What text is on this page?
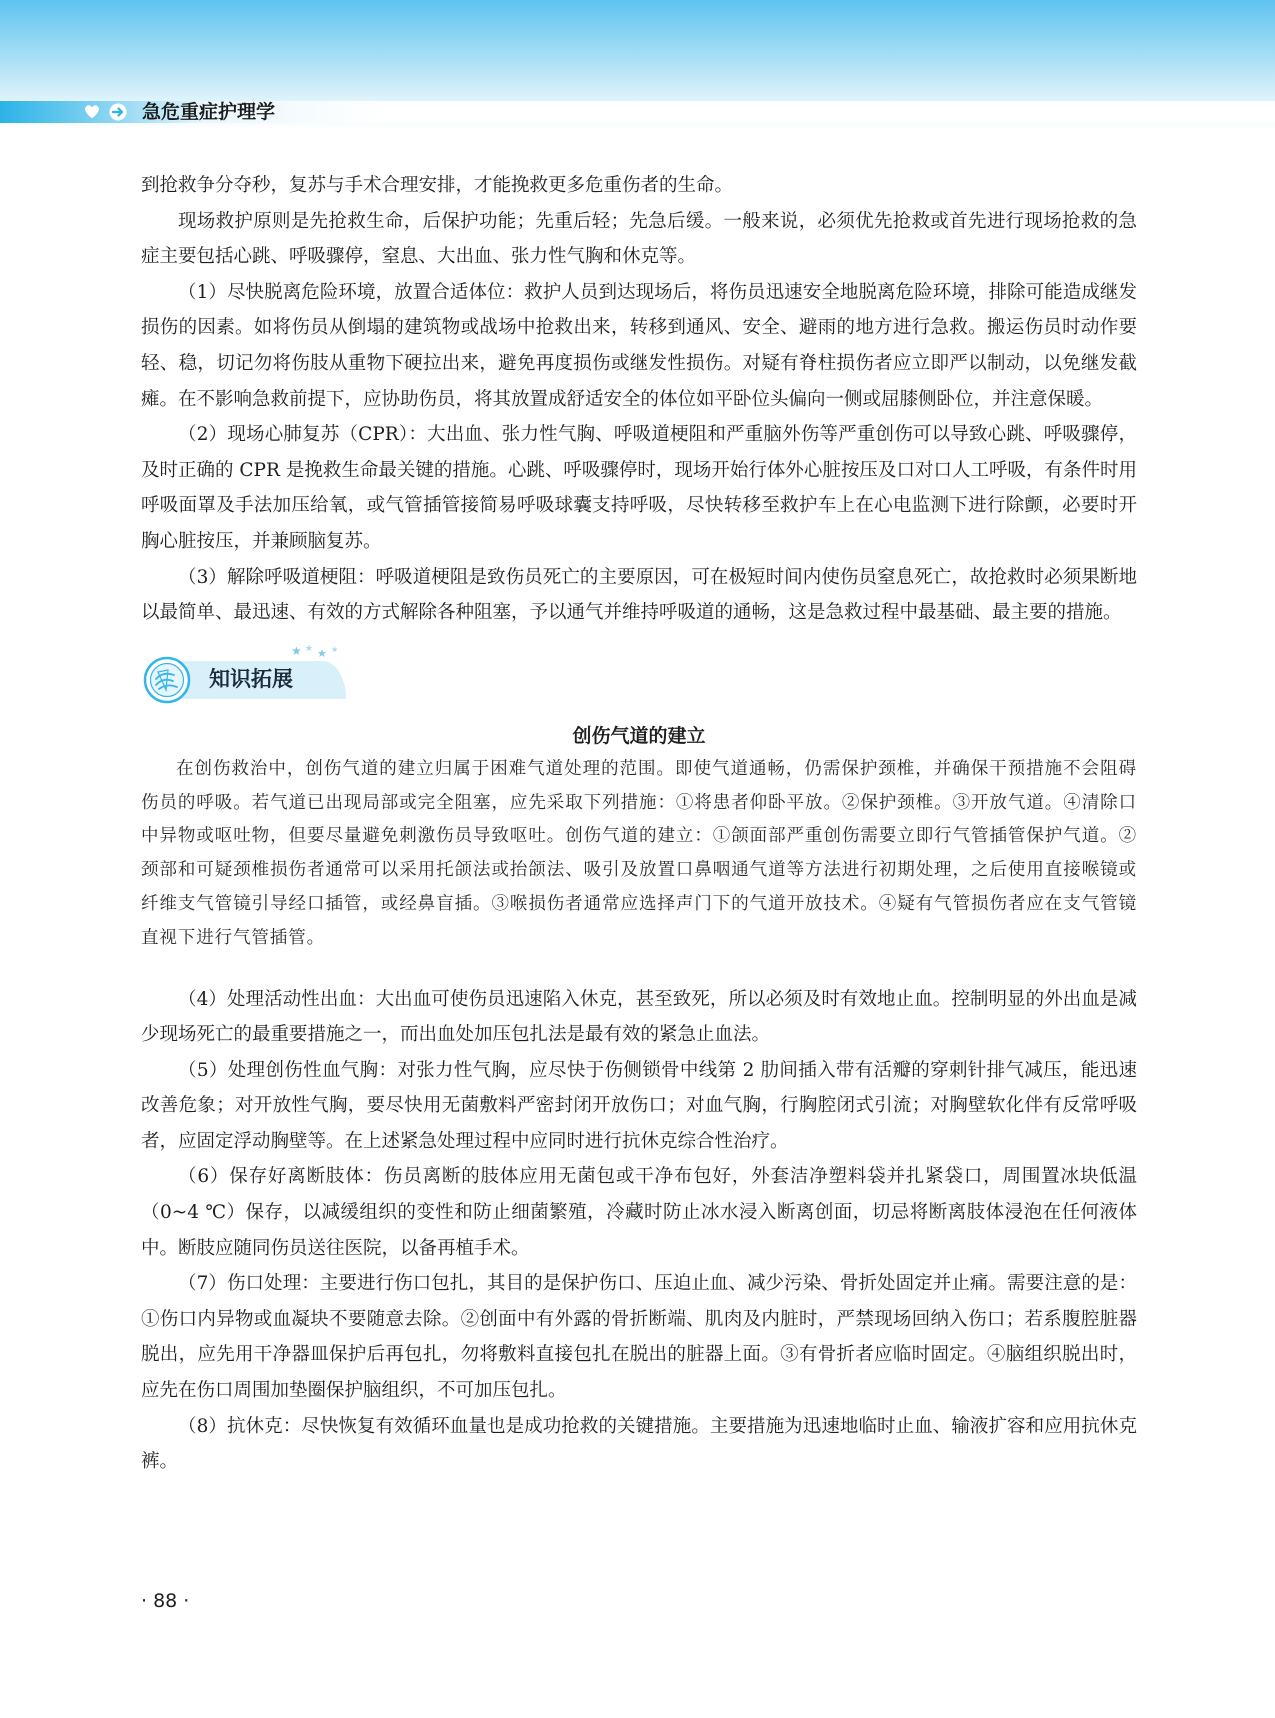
急危重症护理学

到抢救争分夺秒，复苏与手术合理安排，才能挽救更多危重伤者的生命。

现场救护原则是先抢救生命，后保护功能；先重后轻；先急后缓。一般来说，必须优先抢救或首先进行现场抢救的急症主要包括心跳、呼吸骤停，窒息、大出血、张力性气胸和休克等。

（1）尽快脱离危险环境，放置合适体位：救护人员到达现场后，将伤员迅速安全地脱离危险环境，排除可能造成继发损伤的因素。如将伤员从倒塌的建筑物或战场中抢救出来，转移到通风、安全、避雨的地方进行急救。搬运伤员时动作要轻、稳，切记勿将伤肢从重物下硬拉出来，避免再度损伤或继发性损伤。对疑有脊柱损伤者应立即严以制动，以免继发截瘫。在不影响急救前提下，应协助伤员，将其放置成舒适安全的体位如平卧位头偏向一侧或屈膝侧卧位，并注意保暖。

（2）现场心肺复苏（CPR）：大出血、张力性气胸、呼吸道梗阻和严重脑外伤等严重创伤可以导致心跳、呼吸骤停，及时正确的 CPR 是挽救生命最关键的措施。心跳、呼吸骤停时，现场开始行体外心脏按压及口对口人工呼吸，有条件时用呼吸面罩及手法加压给氧，或气管插管接简易呼吸球囊支持呼吸，尽快转移至救护车上在心电监测下进行除颤，必要时开胸心脏按压，并兼顾脑复苏。

（3）解除呼吸道梗阻：呼吸道梗阻是致伤员死亡的主要原因，可在极短时间内使伤员窒息死亡，故抢救时必须果断地以最简单、最迅速、有效的方式解除各种阻塞，予以通气并维持呼吸道的通畅，这是急救过程中最基础、最主要的措施。

★ ★ ★ ★
知识拓展
创伤气道的建立

在创伤救治中，创伤气道的建立归属于困难气道处理的范围。即使气道通畅，仍需保护颈椎，并确保干预措施不会阻碍伤员的呼吸。若气道已出现局部或完全阻塞，应先采取下列措施：①将患者仰卧平放。②保护颈椎。③开放气道。④清除口中异物或呕吐物，但要尽量避免刺激伤员导致呕吐。创伤气道的建立：①颌面部严重创伤需要立即行气管插管保护气道。②颈部和可疑颈椎损伤者通常可以采用托颌法或抬颌法、吸引及放置口鼻咽通气道等方法进行初期处理，之后使用直接喉镜或纤维支气管镜引导经口插管，或经鼻盲插。③喉损伤者通常应选择声门下的气道开放技术。④疑有气管损伤者应在支气管镜直视下进行气管插管。

（4）处理活动性出血：大出血可使伤员迅速陷入休克，甚至致死，所以必须及时有效地止血。控制明显的外出血是减少现场死亡的最重要措施之一，而出血处加压包扎法是最有效的紧急止血法。

（5）处理创伤性血气胸：对张力性气胸，应尽快于伤侧锁骨中线第 2 肋间插入带有活瓣的穿刺针排气减压，能迅速改善危象；对开放性气胸，要尽快用无菌敷料严密封闭开放伤口；对血气胸，行胸腔闭式引流；对胸壁软化伴有反常呼吸者，应固定浮动胸壁等。在上述紧急处理过程中应同时进行抗休克综合性治疗。

（6）保存好离断肢体：伤员离断的肢体应用无菌包或干净布包好，外套洁净塑料袋并扎紧袋口，周围置冰块低温（0~4 ℃）保存，以减缓组织的变性和防止细菌繁殖，冷藏时防止冰水浸入断离创面，切忌将断离肢体浸泡在任何液体中。断肢应随同伤员送往医院，以备再植手术。

（7）伤口处理：主要进行伤口包扎，其目的是保护伤口、压迫止血、减少污染、骨折处固定并止痛。需要注意的是：①伤口内异物或血凝块不要随意去除。②创面中有外露的骨折断端、肌肉及内脏时，严禁现场回纳入伤口；若系腹腔脏器脱出，应先用干净器皿保护后再包扎，勿将敷料直接包扎在脱出的脏器上面。③有骨折者应临时固定。④脑组织脱出时，应先在伤口周围加垫圈保护脑组织，不可加压包扎。

（8）抗休克：尽快恢复有效循环血量也是成功抢救的关键措施。主要措施为迅速地临时止血、输液扩容和应用抗休克裤。

· 88 ·
